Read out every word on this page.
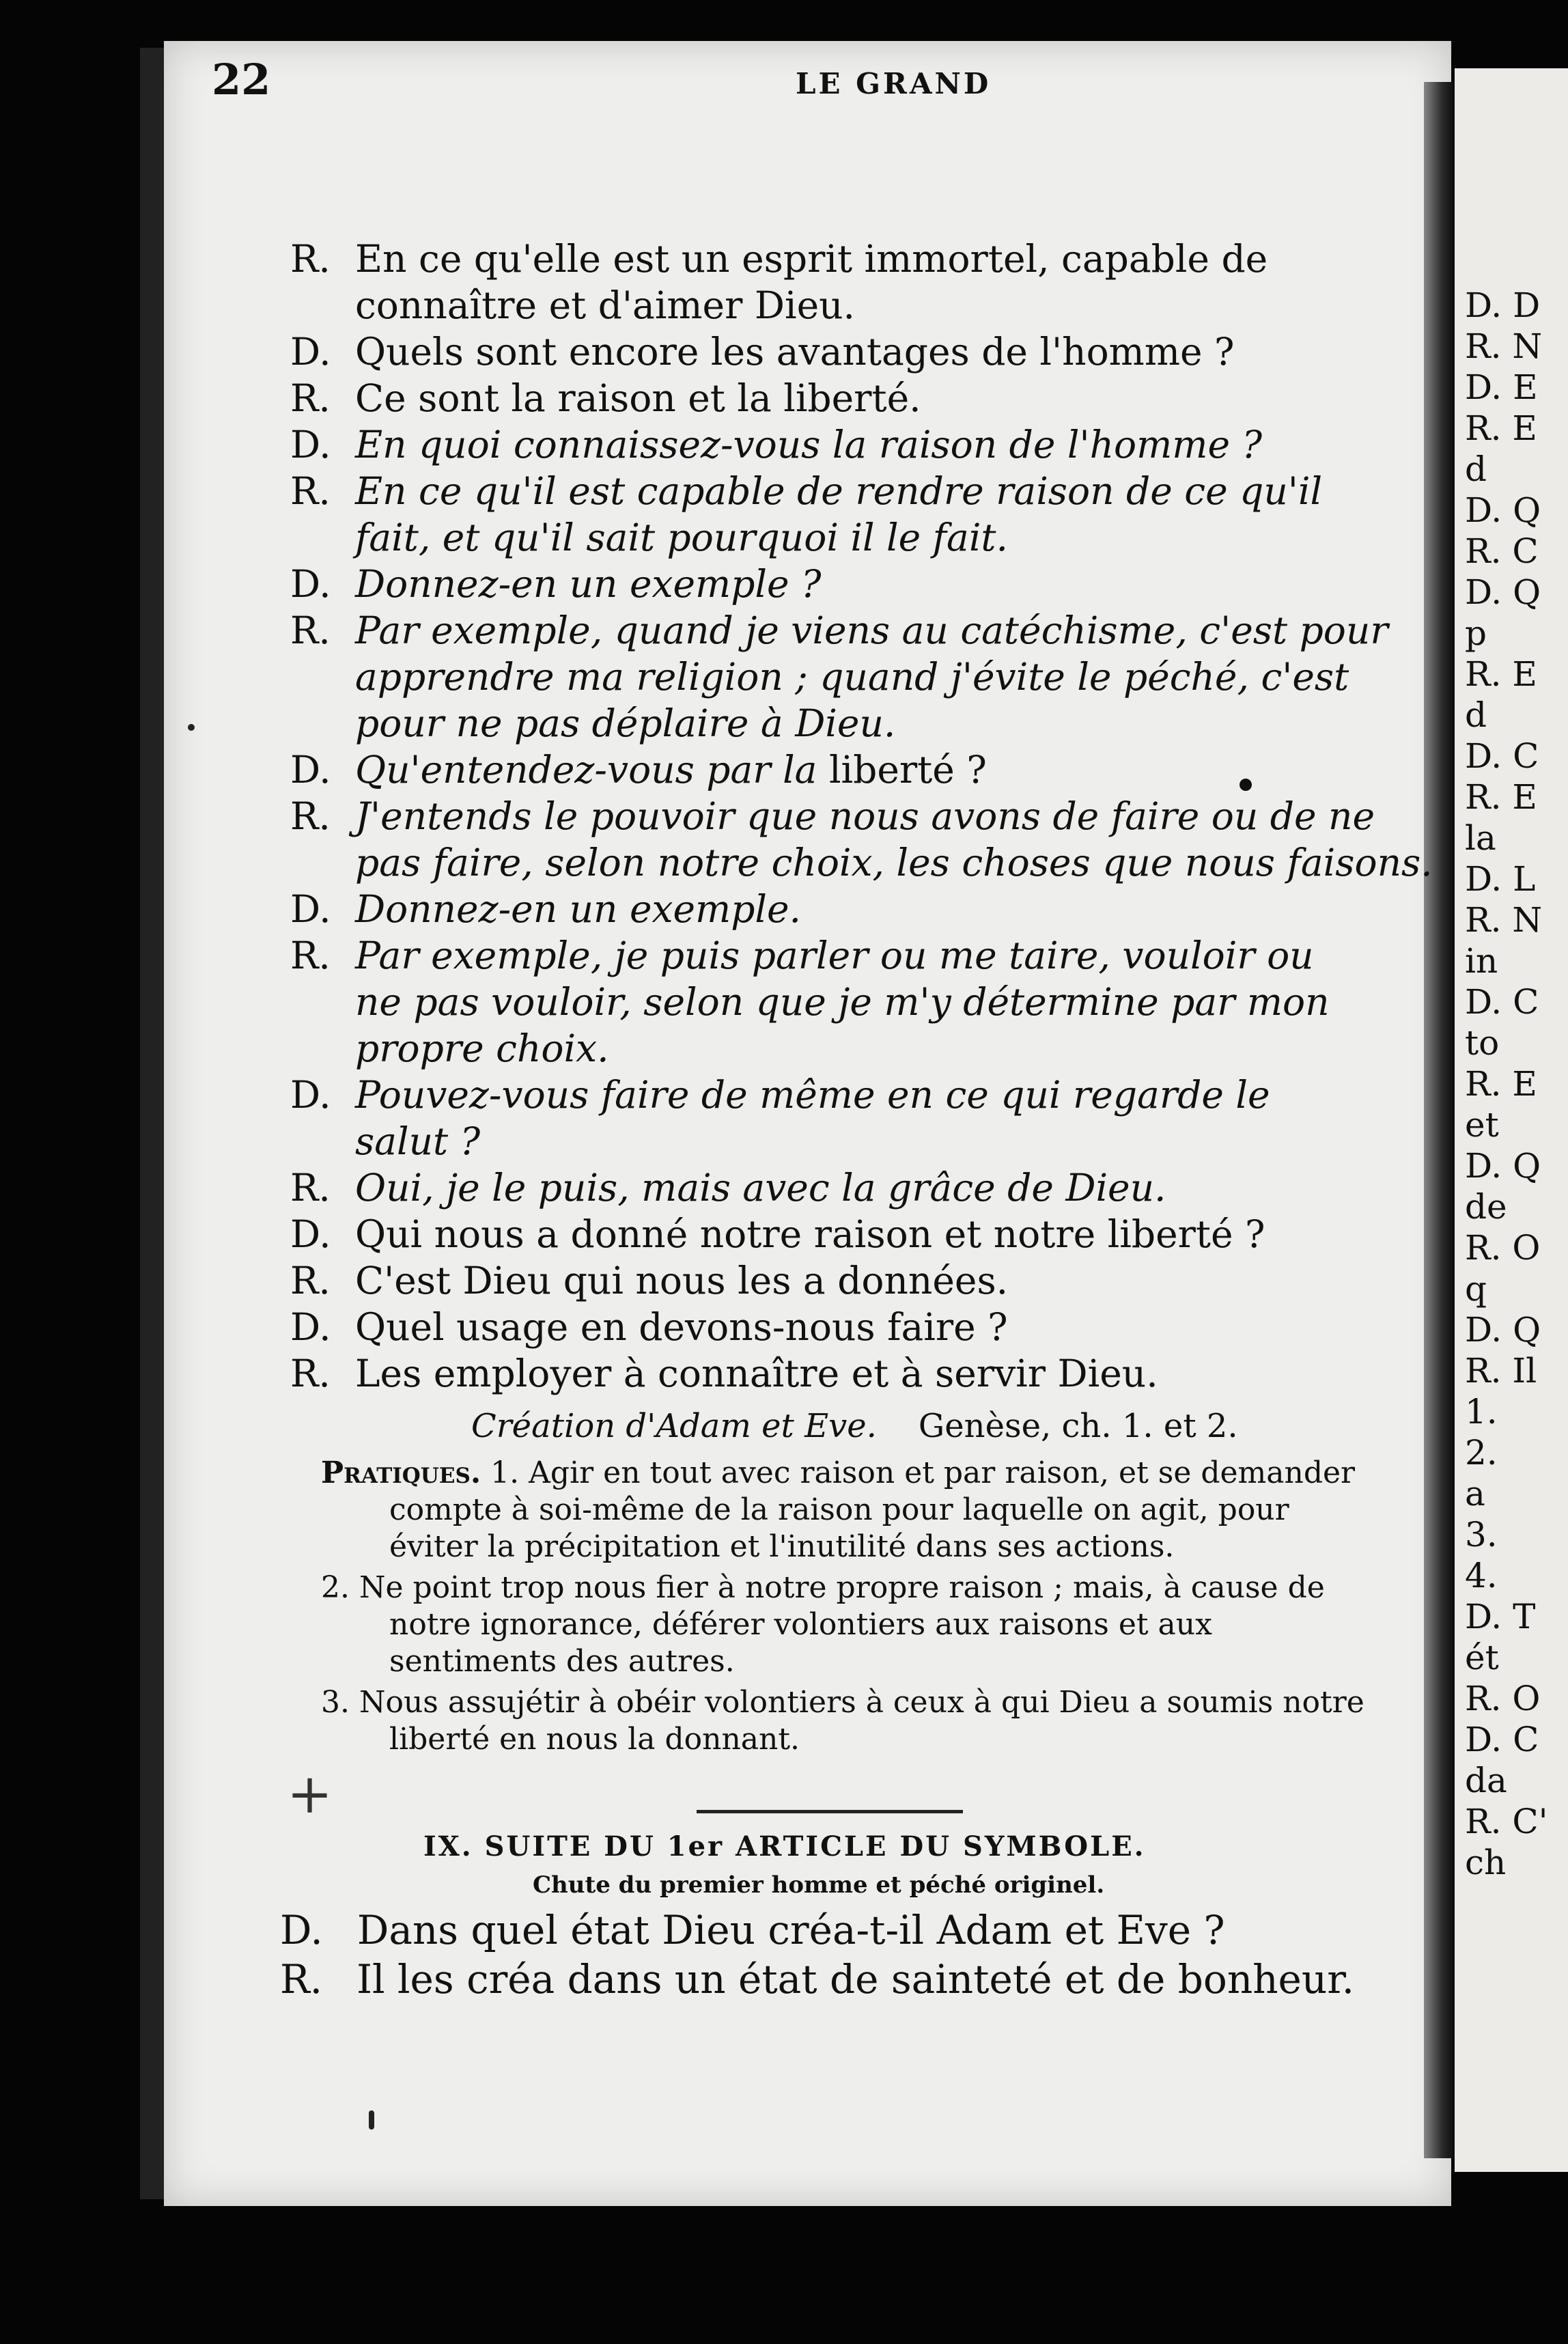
D. D
R. N
D. E
R. E
d
D. Q
R. C
D. Q
p
R. E
d
D. C
R. E
la
D. L
R. N
in
D. C
to
R. E
et
D. Q
de
R. O
q
D. Q
R. Il
1.
2.
a
3.
4.
D. T
ét
R. O
D. C
da
R. C'
ch
22	LE GRAND
R. En ce qu'elle est un esprit immortel, capable de
connaître et d'aimer Dieu.
D. Quels sont encore les avantages de l'homme ?
R. Ce sont la raison et la liberté.
D. En quoi connaissez-vous la raison de l'homme ?
R. En ce qu'il est capable de rendre raison de ce qu'il
fait, et qu'il sait pourquoi il le fait.
D. Donnez-en un exemple ?
R. Par exemple, quand je viens au catéchisme, c'est pour
apprendre ma religion ; quand j'évite le péché, c'est
pour ne pas déplaire à Dieu.
D. Qu'entendez-vous par la liberté ?
R. J'entends le pouvoir que nous avons de faire ou de ne
pas faire, selon notre choix, les choses que nous faisons.
D. Donnez-en un exemple.
R. Par exemple, je puis parler ou me taire, vouloir ou
ne pas vouloir, selon que je m'y détermine par mon
propre choix.
D. Pouvez-vous faire de même en ce qui regarde le
salut ?
R. Oui, je le puis, mais avec la grâce de Dieu.
D. Qui nous a donné notre raison et notre liberté ?
R. C'est Dieu qui nous les a données.
D. Quel usage en devons-nous faire ?
R. Les employer à connaître et à servir Dieu.
Création d'Adam et Eve. Genèse, ch. 1. et 2.

Pratiques. 1. Agir en tout avec raison et par raison, et se demander compte à soi-même de la raison pour laquelle on agit, pour éviter la précipitation et l'inutilité dans ses actions.

2. Ne point trop nous fier à notre propre raison ; mais, à cause de notre ignorance, déférer volontiers aux raisons et aux sentiments des autres.

3. Nous assujétir à obéir volontiers à ceux à qui Dieu a soumis notre liberté en nous la donnant.

IX. SUITE DU 1er ARTICLE DU SYMBOLE.
Chute du premier homme et péché originel.
D. Dans quel état Dieu créa-t-il Adam et Eve ?
R. Il les créa dans un état de sainteté et de bonheur.
+
